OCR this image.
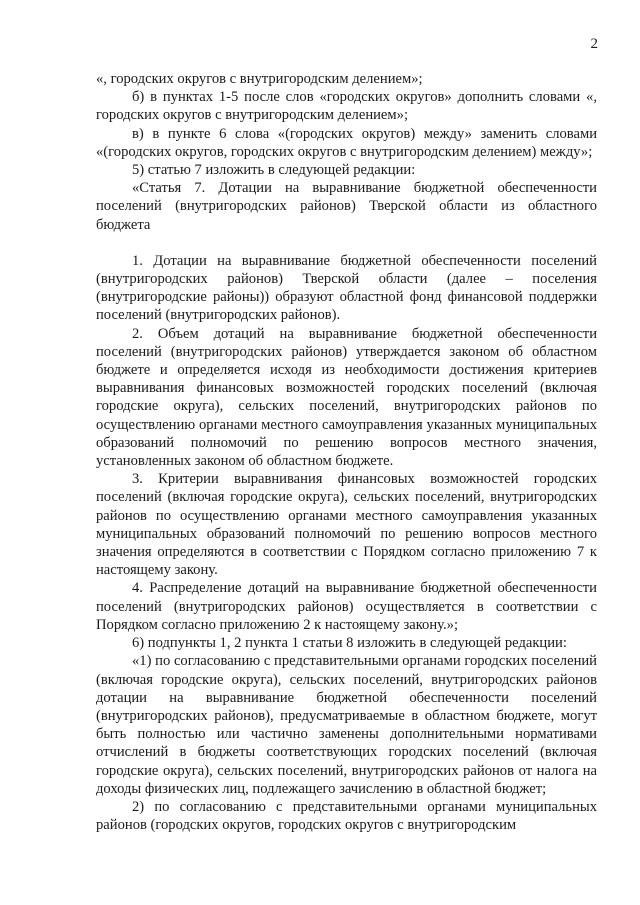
2

«, городских округов с внутригородским делением»;

б) в пунктах 1-5 после слов «городских округов» дополнить словами «, городских округов с внутригородским делением»;

в) в пункте 6 слова «(городских округов) между» заменить словами «(городских округов, городских округов с внутригородским делением) между»;

5) статью 7 изложить в следующей редакции:

«Статья 7. Дотации на выравнивание бюджетной обеспеченности поселений (внутригородских районов) Тверской области из областного бюджета

1. Дотации на выравнивание бюджетной обеспеченности поселений (внутригородских районов) Тверской области (далее – поселения (внутригородские районы)) образуют областной фонд финансовой поддержки поселений (внутригородских районов).

2. Объем дотаций на выравнивание бюджетной обеспеченности поселений (внутригородских районов) утверждается законом об областном бюджете и определяется исходя из необходимости достижения критериев выравнивания финансовых возможностей городских поселений (включая городские округа), сельских поселений, внутригородских районов по осуществлению органами местного самоуправления указанных муниципальных образований полномочий по решению вопросов местного значения, установленных законом об областном бюджете.

3. Критерии выравнивания финансовых возможностей городских поселений (включая городские округа), сельских поселений, внутригородских районов по осуществлению органами местного самоуправления указанных муниципальных образований полномочий по решению вопросов местного значения определяются в соответствии с Порядком согласно приложению 7 к настоящему закону.

4. Распределение дотаций на выравнивание бюджетной обеспеченности поселений (внутригородских районов) осуществляется в соответствии с Порядком согласно приложению 2 к настоящему закону.»;

6) подпункты 1, 2 пункта 1 статьи 8 изложить в следующей редакции:

«1) по согласованию с представительными органами городских поселений (включая городские округа), сельских поселений, внутригородских районов дотации на выравнивание бюджетной обеспеченности поселений (внутригородских районов), предусматриваемые в областном бюджете, могут быть полностью или частично заменены дополнительными нормативами отчислений в бюджеты соответствующих городских поселений (включая городские округа), сельских поселений, внутригородских районов от налога на доходы физических лиц, подлежащего зачислению в областной бюджет;

2) по согласованию с представительными органами муниципальных районов (городских округов, городских округов с внутригородским
